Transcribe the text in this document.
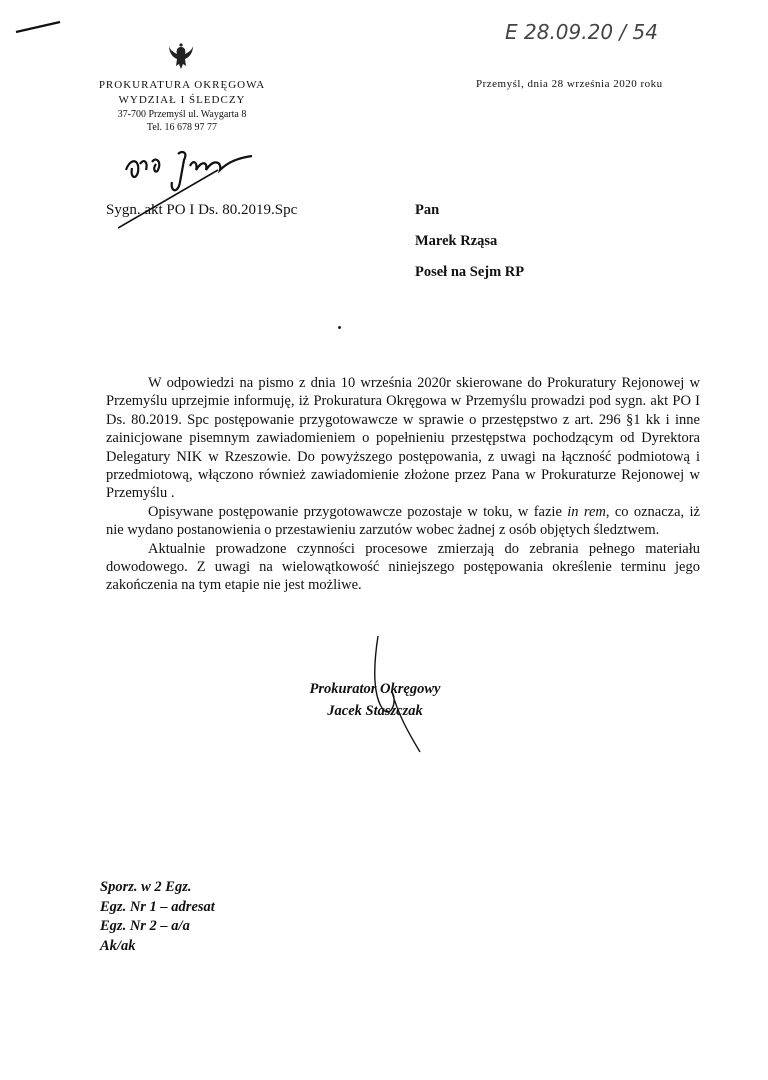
PROKURATURA OKRĘGOWA
WYDZIAŁ I ŚLEDCZY
37-700 Przemyśl ul. Waygarta 8
Tel. 16 678 97 77
E 28.09.20 / 54
Przemyśl, dnia 28 września 2020 roku
Sygn. akt PO I Ds. 80.2019.Spc	Pan
Marek Rząsa
Poseł na Sejm RP

W odpowiedzi na pismo z dnia 10 września 2020r skierowane do Prokuratury Rejonowej w Przemyślu uprzejmie informuję, iż Prokuratura Okręgowa w Przemyślu prowadzi pod sygn. akt PO I Ds. 80.2019. Spc postępowanie przygotowawcze w sprawie o przestępstwo z art. 296 §1 kk i inne zainicjowane pisemnym zawiadomieniem o popełnieniu przestępstwa pochodzącym od Dyrektora Delegatury NIK w Rzeszowie. Do powyższego postępowania, z uwagi na łączność podmiotową i przedmiotową, włączono również zawiadomienie złożone przez Pana w Prokuraturze Rejonowej w Przemyślu .

Opisywane postępowanie przygotowawcze pozostaje w toku, w fazie in rem, co oznacza, iż nie wydano postanowienia o przestawieniu zarzutów wobec żadnej z osób objętych śledztwem.

Aktualnie prowadzone czynności procesowe zmierzają do zebrania pełnego materiału dowodowego. Z uwagi na wielowątkowość niniejszego postępowania określenie terminu jego zakończenia na tym etapie nie jest możliwe.

Prokurator Okręgowy
Jacek Staszczak
Sporz. w 2 Egz.
Egz. Nr 1 – adresat
Egz. Nr 2 – a/a
Ak/ak
